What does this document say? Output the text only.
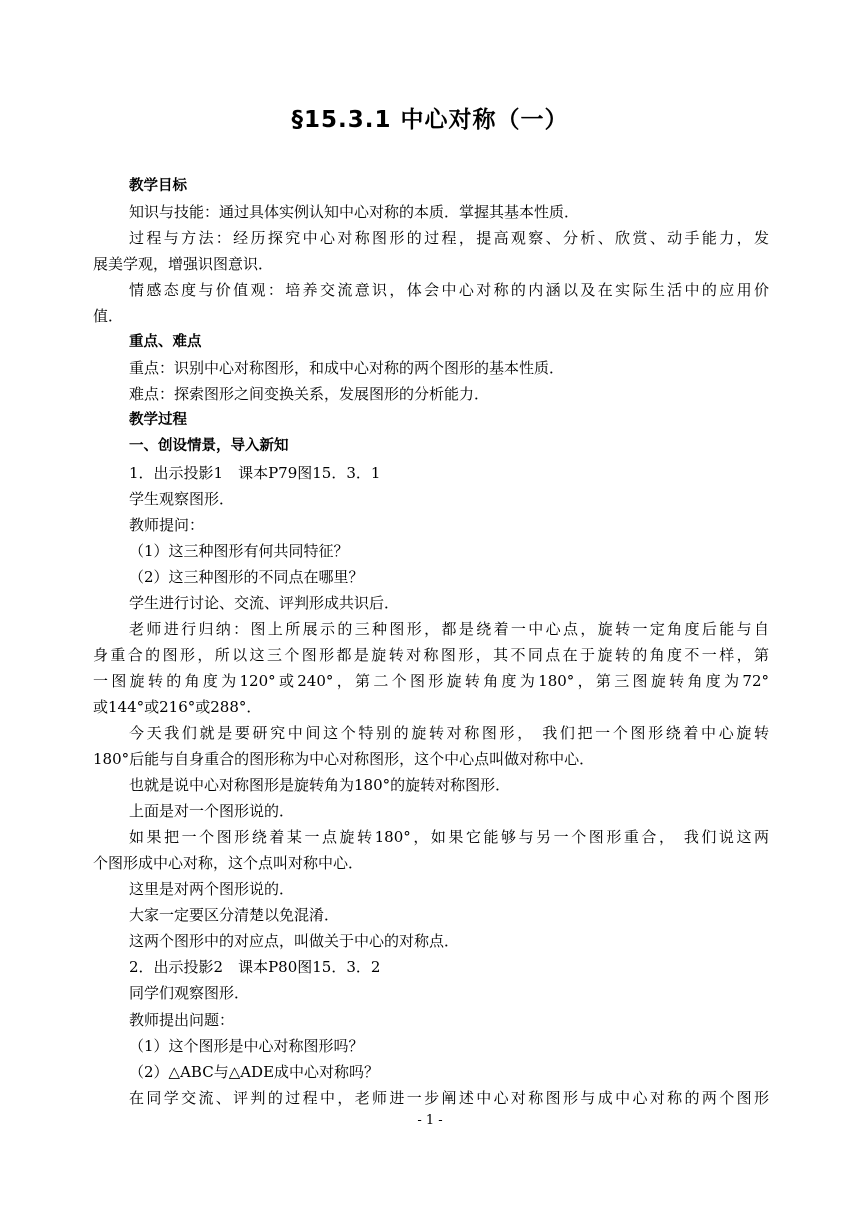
§15.3.1 中心对称（一）
教学目标
知识与技能：通过具体实例认知中心对称的本质．掌握其基本性质．
过程与方法：经历探究中心对称图形的过程，提高观察、分析、欣赏、动手能力，发
展美学观，增强识图意识．
情感态度与价值观：培养交流意识，体会中心对称的内涵以及在实际生活中的应用价
值．
重点、难点
重点：识别中心对称图形，和成中心对称的两个图形的基本性质．
难点：探索图形之间变换关系，发展图形的分析能力．
教学过程
一、创设情景，导入新知
1．出示投影1　课本P79图15．3．1
学生观察图形．
教师提问：
（1）这三种图形有何共同特征？
（2）这三种图形的不同点在哪里？
学生进行讨论、交流、评判形成共识后．
老师进行归纳：图上所展示的三种图形，都是绕着一中心点，旋转一定角度后能与自
身重合的图形，所以这三个图形都是旋转对称图形，其不同点在于旋转的角度不一样，第
一图旋转的角度为120°或240°，第二个图形旋转角度为180°，第三图旋转角度为72°
或144°或216°或288°．
今天我们就是要研究中间这个特别的旋转对称图形， 我们把一个图形绕着中心旋转
180°后能与自身重合的图形称为中心对称图形，这个中心点叫做对称中心．
也就是说中心对称图形是旋转角为180°的旋转对称图形．
上面是对一个图形说的．
如果把一个图形绕着某一点旋转180°，如果它能够与另一个图形重合， 我们说这两
个图形成中心对称，这个点叫对称中心．
这里是对两个图形说的．
大家一定要区分清楚以免混淆．
这两个图形中的对应点，叫做关于中心的对称点．
2．出示投影2　课本P80图15．3．2
同学们观察图形．
教师提出问题：
（1）这个图形是中心对称图形吗？
（2）△ABC与△ADE成中心对称吗？
在同学交流、评判的过程中，老师进一步阐述中心对称图形与成中心对称的两个图形
- 1 -
